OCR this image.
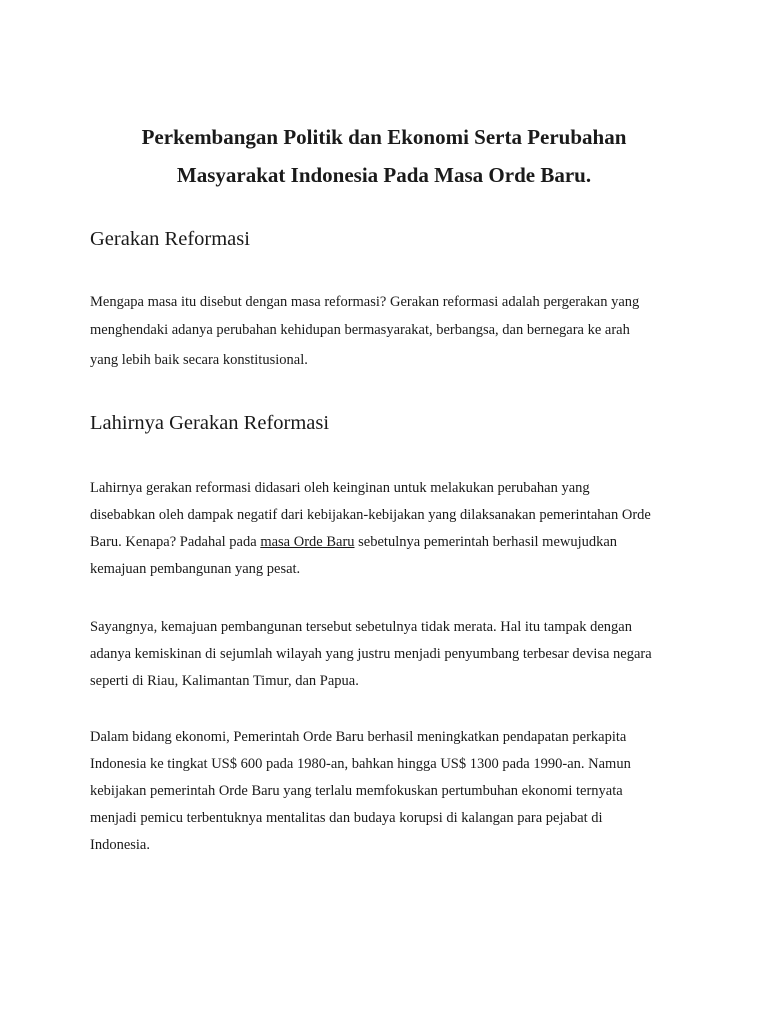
Perkembangan Politik dan Ekonomi Serta Perubahan
Masyarakat Indonesia Pada Masa Orde Baru.
Gerakan Reformasi

Mengapa masa itu disebut dengan masa reformasi? Gerakan reformasi adalah pergerakan yang
menghendaki adanya perubahan kehidupan bermasyarakat, berbangsa, dan bernegara ke arah
yang lebih baik secara konstitusional.

Lahirnya Gerakan Reformasi

Lahirnya gerakan reformasi didasari oleh keinginan untuk melakukan perubahan yang
disebabkan oleh dampak negatif dari kebijakan-kebijakan yang dilaksanakan pemerintahan Orde
Baru. Kenapa? Padahal pada masa Orde Baru sebetulnya pemerintah berhasil mewujudkan
kemajuan pembangunan yang pesat.

Sayangnya, kemajuan pembangunan tersebut sebetulnya tidak merata. Hal itu tampak dengan
adanya kemiskinan di sejumlah wilayah yang justru menjadi penyumbang terbesar devisa negara
seperti di Riau, Kalimantan Timur, dan Papua.

Dalam bidang ekonomi, Pemerintah Orde Baru berhasil meningkatkan pendapatan perkapita
Indonesia ke tingkat US$ 600 pada 1980-an, bahkan hingga US$ 1300 pada 1990-an. Namun
kebijakan pemerintah Orde Baru yang terlalu memfokuskan pertumbuhan ekonomi ternyata
menjadi pemicu terbentuknya mentalitas dan budaya korupsi di kalangan para pejabat di
Indonesia.
